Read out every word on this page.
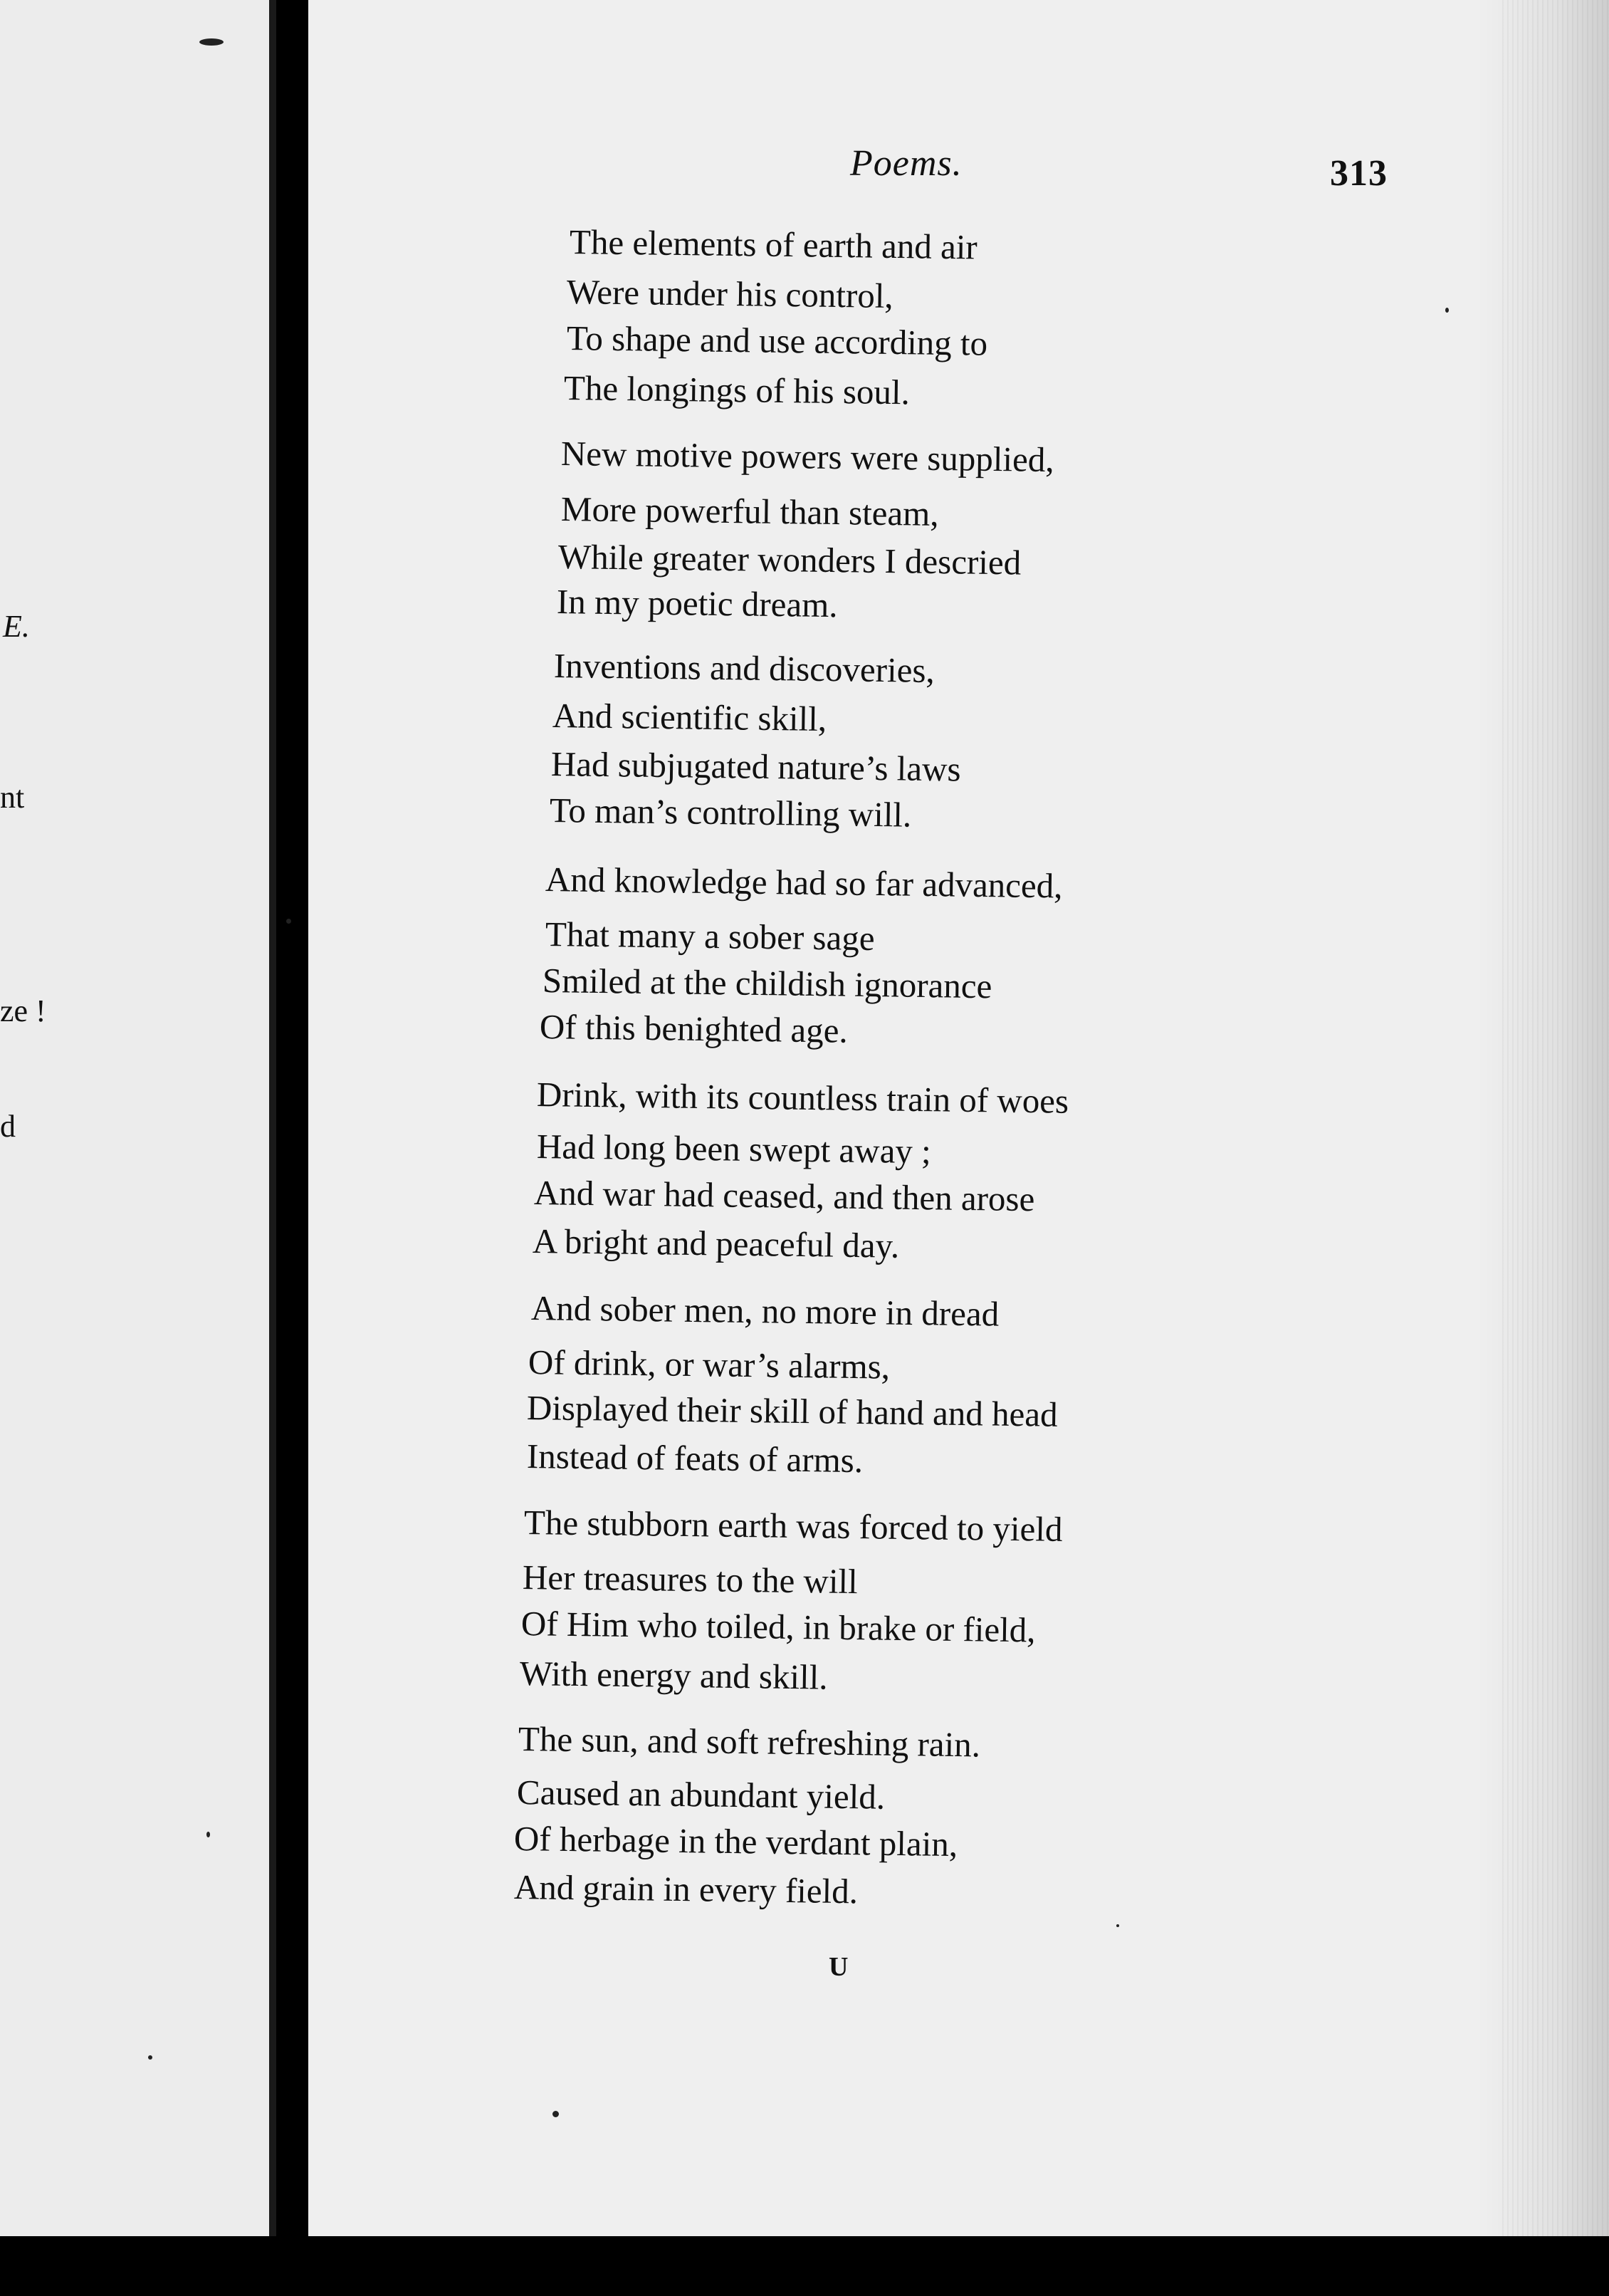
E.
nt
ze !
d
Poems.	313
The elements of earth and air
Were under his control,
To shape and use according to
The longings of his soul.
New motive powers were supplied,
More powerful than steam,
While greater wonders I descried
In my poetic dream.
Inventions and discoveries,
And scientific skill,
Had subjugated nature’s laws
To man’s controlling will.
And knowledge had so far advanced,
That many a sober sage
Smiled at the childish ignorance
Of this benighted age.
Drink, with its countless train of woes
Had long been swept away ;
And war had ceased, and then arose
A bright and peaceful day.
And sober men, no more in dread
Of drink, or war’s alarms,
Displayed their skill of hand and head
Instead of feats of arms.
The stubborn earth was forced to yield
Her treasures to the will
Of Him who toiled, in brake or field,
With energy and skill.
The sun, and soft refreshing rain.
Caused an abundant yield.
Of herbage in the verdant plain,
And grain in every field.
U
